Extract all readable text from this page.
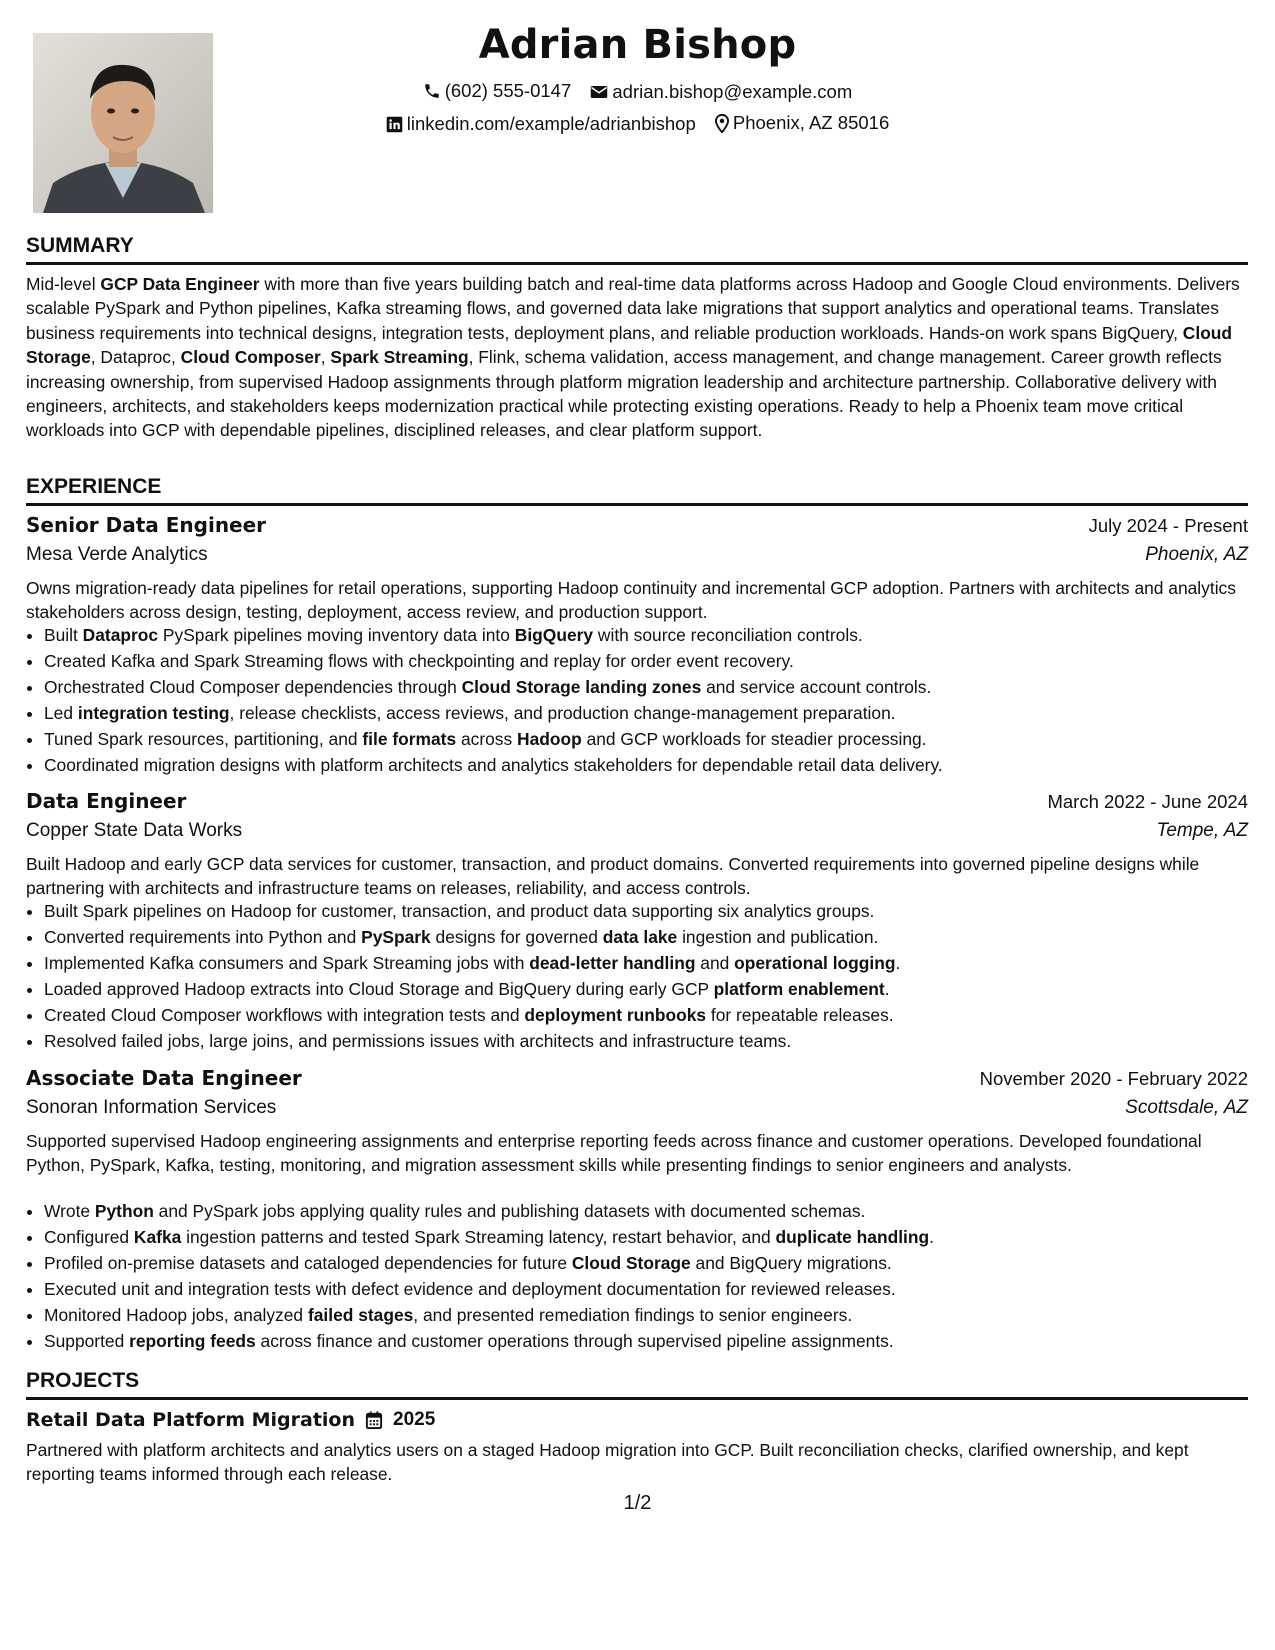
Adrian Bishop
(602) 555-0147
adrian.bishop@example.com
linkedin.com/example/adrianbishop
Phoenix, AZ 85016
SUMMARY
Mid-level GCP Data Engineer with more than five years building batch and real-time data platforms across Hadoop and Google Cloud environments. Delivers scalable PySpark and Python pipelines, Kafka streaming flows, and governed data lake migrations that support analytics and operational teams. Translates business requirements into technical designs, integration tests, deployment plans, and reliable production workloads. Hands-on work spans BigQuery, Cloud Storage, Dataproc, Cloud Composer, Spark Streaming, Flink, schema validation, access management, and change management. Career growth reflects increasing ownership, from supervised Hadoop assignments through platform migration leadership and architecture partnership. Collaborative delivery with engineers, architects, and stakeholders keeps modernization practical while protecting existing operations. Ready to help a Phoenix team move critical workloads into GCP with dependable pipelines, disciplined releases, and clear platform support.
EXPERIENCE
Senior Data Engineer	July 2024 - Present
Mesa Verde Analytics	Phoenix, AZ
Owns migration-ready data pipelines for retail operations, supporting Hadoop continuity and incremental GCP adoption. Partners with architects and analytics stakeholders across design, testing, deployment, access review, and production support.
• Built Dataproc PySpark pipelines moving inventory data into BigQuery with source reconciliation controls.
• Created Kafka and Spark Streaming flows with checkpointing and replay for order event recovery.
• Orchestrated Cloud Composer dependencies through Cloud Storage landing zones and service account controls.
• Led integration testing, release checklists, access reviews, and production change-management preparation.
• Tuned Spark resources, partitioning, and file formats across Hadoop and GCP workloads for steadier processing.
• Coordinated migration designs with platform architects and analytics stakeholders for dependable retail data delivery.
Data Engineer	March 2022 - June 2024
Copper State Data Works	Tempe, AZ
Built Hadoop and early GCP data services for customer, transaction, and product domains. Converted requirements into governed pipeline designs while partnering with architects and infrastructure teams on releases, reliability, and access controls.
• Built Spark pipelines on Hadoop for customer, transaction, and product data supporting six analytics groups.
• Converted requirements into Python and PySpark designs for governed data lake ingestion and publication.
• Implemented Kafka consumers and Spark Streaming jobs with dead-letter handling and operational logging.
• Loaded approved Hadoop extracts into Cloud Storage and BigQuery during early GCP platform enablement.
• Created Cloud Composer workflows with integration tests and deployment runbooks for repeatable releases.
• Resolved failed jobs, large joins, and permissions issues with architects and infrastructure teams.
Associate Data Engineer	November 2020 - February 2022
Sonoran Information Services	Scottsdale, AZ
Supported supervised Hadoop engineering assignments and enterprise reporting feeds across finance and customer operations. Developed foundational Python, PySpark, Kafka, testing, monitoring, and migration assessment skills while presenting findings to senior engineers and analysts.
• Wrote Python and PySpark jobs applying quality rules and publishing datasets with documented schemas.
• Configured Kafka ingestion patterns and tested Spark Streaming latency, restart behavior, and duplicate handling.
• Profiled on-premise datasets and cataloged dependencies for future Cloud Storage and BigQuery migrations.
• Executed unit and integration tests with defect evidence and deployment documentation for reviewed releases.
• Monitored Hadoop jobs, analyzed failed stages, and presented remediation findings to senior engineers.
• Supported reporting feeds across finance and customer operations through supervised pipeline assignments.
PROJECTS
Retail Data Platform Migration 2025
Partnered with platform architects and analytics users on a staged Hadoop migration into GCP. Built reconciliation checks, clarified ownership, and kept reporting teams informed through each release.
1/2
